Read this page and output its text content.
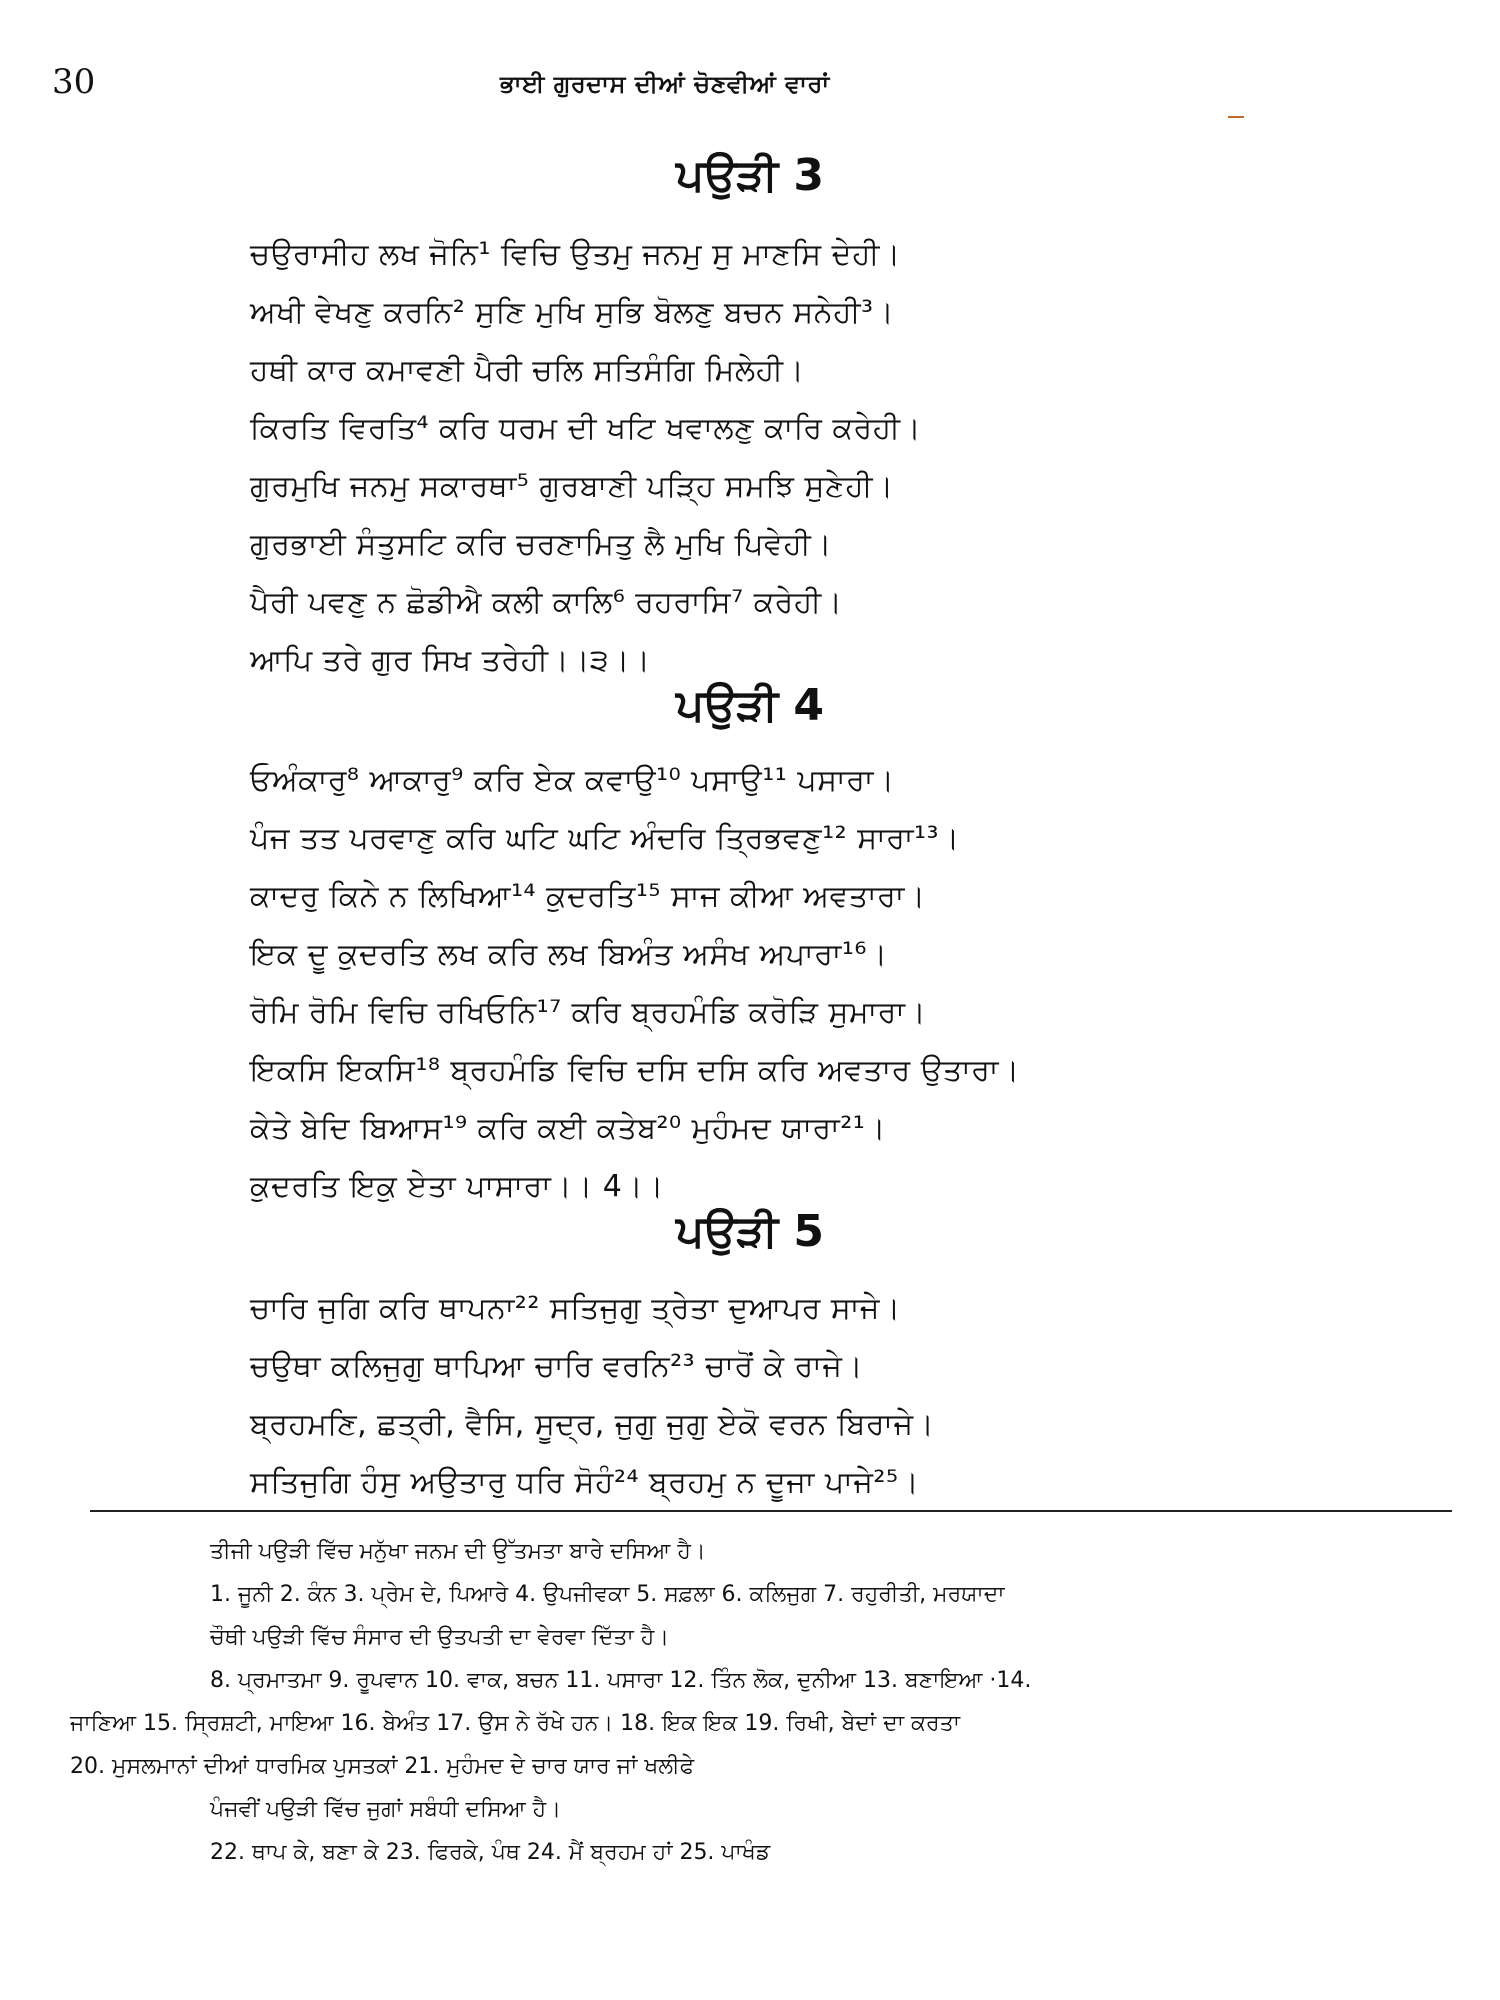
30	ਭਾਈ ਗੁਰਦਾਸ ਦੀਆਂ ਚੋਣਵੀਆਂ ਵਾਰਾਂ
ਪਉੜੀ 3
ਚਉਰਾਸੀਹ ਲਖ ਜੋਨਿ¹ ਵਿਚਿ ਉਤਮੁ ਜਨਮੁ ਸੁ ਮਾਣਸਿ ਦੇਹੀ।
ਅਖੀ ਵੇਖਣੁ ਕਰਨਿ² ਸੁਣਿ ਮੁਖਿ ਸੁਭਿ ਬੋਲਣੁ ਬਚਨ ਸਨੇਹੀ³।
ਹਥੀ ਕਾਰ ਕਮਾਵਣੀ ਪੈਰੀ ਚਲਿ ਸਤਿਸੰਗਿ ਮਿਲੇਹੀ।
ਕਿਰਤਿ ਵਿਰਤਿ⁴ ਕਰਿ ਧਰਮ ਦੀ ਖਟਿ ਖਵਾਲਣੁ ਕਾਰਿ ਕਰੇਹੀ।
ਗੁਰਮੁਖਿ ਜਨਮੁ ਸਕਾਰਥਾ⁵ ਗੁਰਬਾਣੀ ਪੜ੍ਹਿ ਸਮਝਿ ਸੁਣੇਹੀ।
ਗੁਰਭਾਈ ਸੰਤੁਸਟਿ ਕਰਿ ਚਰਣਾਮਿਤੁ ਲੈ ਮੁਖਿ ਪਿਵੇਹੀ।
ਪੈਰੀ ਪਵਣੁ ਨ ਛੋਡੀਐ ਕਲੀ ਕਾਲਿ⁶ ਰਹਰਾਸਿ⁷ ਕਰੇਹੀ।
ਆਪਿ ਤਰੇ ਗੁਰ ਸਿਖ ਤਰੇਹੀ।।੩।।
ਪਉੜੀ 4
ਓਅੰਕਾਰੁ⁸ ਆਕਾਰੁ⁹ ਕਰਿ ਏਕ ਕਵਾਉ¹⁰ ਪਸਾਉ¹¹ ਪਸਾਰਾ।
ਪੰਜ ਤਤ ਪਰਵਾਣੁ ਕਰਿ ਘਟਿ ਘਟਿ ਅੰਦਰਿ ਤ੍ਰਿਭਵਣੁ¹² ਸਾਰਾ¹³।
ਕਾਦਰੁ ਕਿਨੇ ਨ ਲਿਖਿਆ¹⁴ ਕੁਦਰਤਿ¹⁵ ਸਾਜ ਕੀਆ ਅਵਤਾਰਾ।
ਇਕ ਦੂ ਕੁਦਰਤਿ ਲਖ ਕਰਿ ਲਖ ਬਿਅੰਤ ਅਸੰਖ ਅਪਾਰਾ¹⁶।
ਰੋਮਿ ਰੋਮਿ ਵਿਚਿ ਰਖਿਓਨਿ¹⁷ ਕਰਿ ਬ੍ਰਹਮੰਡਿ ਕਰੋੜਿ ਸੁਮਾਰਾ।
ਇਕਸਿ ਇਕਸਿ¹⁸ ਬ੍ਰਹਮੰਡਿ ਵਿਚਿ ਦਸਿ ਦਸਿ ਕਰਿ ਅਵਤਾਰ ਉਤਾਰਾ।
ਕੇਤੇ ਬੇਦਿ ਬਿਆਸ¹⁹ ਕਰਿ ਕਈ ਕਤੇਬ²⁰ ਮੁਹੰਮਦ ਯਾਰਾ²¹।
ਕੁਦਰਤਿ ਇਕੁ ਏਤਾ ਪਾਸਾਰਾ।। 4।।
ਪਉੜੀ 5
ਚਾਰਿ ਜੁਗਿ ਕਰਿ ਥਾਪਨਾ²² ਸਤਿਜੁਗੁ ਤ੍ਰੇਤਾ ਦੁਆਪਰ ਸਾਜੇ।
ਚਉਥਾ ਕਲਿਜੁਗੁ ਥਾਪਿਆ ਚਾਰਿ ਵਰਨਿ²³ ਚਾਰੋਂ ਕੇ ਰਾਜੇ।
ਬ੍ਰਹਮਣਿ, ਛਤ੍ਰੀ, ਵੈਸਿ, ਸੂਦ੍ਰ, ਜੁਗੁ ਜੁਗੁ ਏਕੋ ਵਰਨ ਬਿਰਾਜੇ।
ਸਤਿਜੁਗਿ ਹੰਸੁ ਅਉਤਾਰੁ ਧਰਿ ਸੋਹੰ²⁴ ਬ੍ਰਹਮੁ ਨ ਦੂਜਾ ਪਾਜੇ²⁵।
ਤੀਜੀ ਪਉੜੀ ਵਿੱਚ ਮਨੁੱਖਾ ਜਨਮ ਦੀ ਉੱਤਮਤਾ ਬਾਰੇ ਦਸਿਆ ਹੈ।
1. ਜੂਨੀ 2. ਕੰਨ 3. ਪ੍ਰੇਮ ਦੇ, ਪਿਆਰੇ 4. ਉਪਜੀਵਕਾ 5. ਸਫ਼ਲਾ 6. ਕਲਿਜੁਗ 7. ਰਹੁਰੀਤੀ, ਮਰਯਾਦਾ
ਚੌਥੀ ਪਉੜੀ ਵਿੱਚ ਸੰਸਾਰ ਦੀ ਉਤਪਤੀ ਦਾ ਵੇਰਵਾ ਦਿੱਤਾ ਹੈ।
8. ਪ੍ਰਮਾਤਮਾ 9. ਰੂਪਵਾਨ 10. ਵਾਕ, ਬਚਨ 11. ਪਸਾਰਾ 12. ਤਿੰਨ ਲੋਕ, ਦੁਨੀਆ 13. ਬਣਾਇਆ ·14.
ਜਾਣਿਆ 15. ਸ੍ਰਿਸ਼ਟੀ, ਮਾਇਆ 16. ਬੇਅੰਤ 17. ਉਸ ਨੇ ਰੱਖੇ ਹਨ। 18. ਇਕ ਇਕ 19. ਰਿਖੀ, ਬੇਦਾਂ ਦਾ ਕਰਤਾ
20. ਮੁਸਲਮਾਨਾਂ ਦੀਆਂ ਧਾਰਮਿਕ ਪੁਸਤਕਾਂ 21. ਮੁਹੰਮਦ ਦੇ ਚਾਰ ਯਾਰ ਜਾਂ ਖਲੀਫੇ
ਪੰਜਵੀਂ ਪਉੜੀ ਵਿੱਚ ਜੁਗਾਂ ਸਬੰਧੀ ਦਸਿਆ ਹੈ।
22. ਥਾਪ ਕੇ, ਬਣਾ ਕੇ 23. ਫਿਰਕੇ, ਪੰਥ 24. ਮੈਂ ਬ੍ਰਹਮ ਹਾਂ 25. ਪਾਖੰਡ
